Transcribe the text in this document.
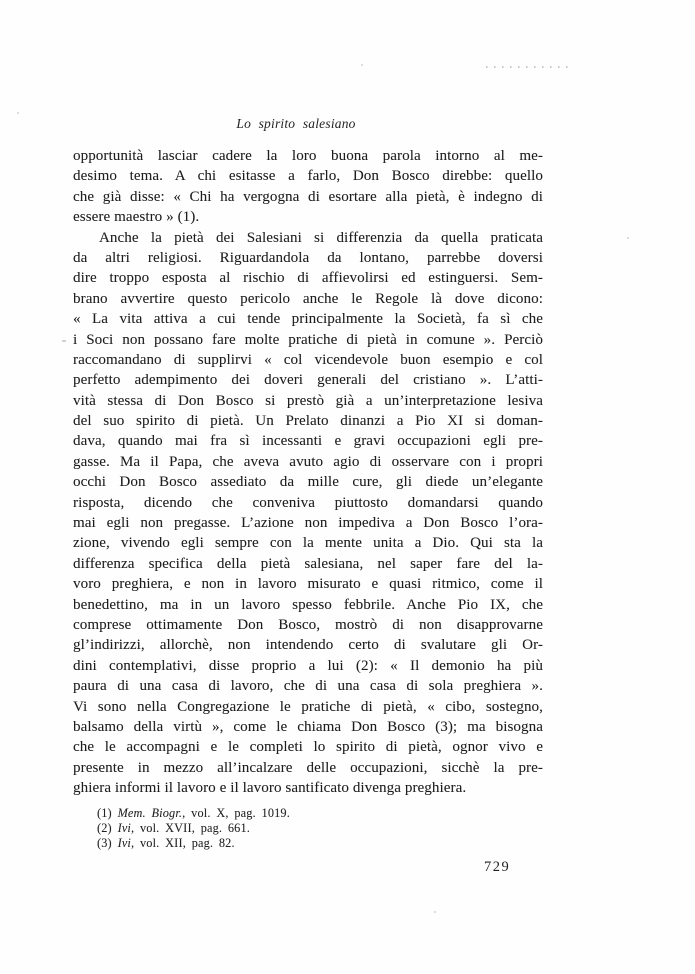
Lo spirito salesiano
opportunità lasciar cadere la loro buona parola intorno al me-
desimo tema. A chi esitasse a farlo, Don Bosco direbbe: quello
che già disse: « Chi ha vergogna di esortare alla pietà, è indegno di
essere maestro » (1).
Anche la pietà dei Salesiani si differenzia da quella praticata
da altri religiosi. Riguardandola da lontano, parrebbe doversi
dire troppo esposta al rischio di affievolirsi ed estinguersi. Sem-
brano avvertire questo pericolo anche le Regole là dove dicono:
« La vita attiva a cui tende principalmente la Società, fa sì che
i Soci non possano fare molte pratiche di pietà in comune ». Perciò
raccomandano di supplirvi « col vicendevole buon esempio e col
perfetto adempimento dei doveri generali del cristiano ». L’atti-
vità stessa di Don Bosco si prestò già a un’interpretazione lesiva
del suo spirito di pietà. Un Prelato dinanzi a Pio XI si doman-
dava, quando mai fra sì incessanti e gravi occupazioni egli pre-
gasse. Ma il Papa, che aveva avuto agio di osservare con i propri
occhi Don Bosco assediato da mille cure, gli diede un’elegante
risposta, dicendo che conveniva piuttosto domandarsi quando
mai egli non pregasse. L’azione non impediva a Don Bosco l’ora-
zione, vivendo egli sempre con la mente unita a Dio. Qui sta la
differenza specifica della pietà salesiana, nel saper fare del la-
voro preghiera, e non in lavoro misurato e quasi ritmico, come il
benedettino, ma in un lavoro spesso febbrile. Anche Pio IX, che
comprese ottimamente Don Bosco, mostrò di non disapprovarne
gl’indirizzi, allorchè, non intendendo certo di svalutare gli Or-
dini contemplativi, disse proprio a lui (2): « Il demonio ha più
paura di una casa di lavoro, che di una casa di sola preghiera ».
Vi sono nella Congregazione le pratiche di pietà, « cibo, sostegno,
balsamo della virtù », come le chiama Don Bosco (3); ma bisogna
che le accompagni e le completi lo spirito di pietà, ognor vivo e
presente in mezzo all’incalzare delle occupazioni, sicchè la pre-
ghiera informi il lavoro e il lavoro santificato divenga preghiera.
(1) Mem. Biogr., vol. X, pag. 1019.
(2) Ivi, vol. XVII, pag. 661.
(3) Ivi, vol. XII, pag. 82.
729
